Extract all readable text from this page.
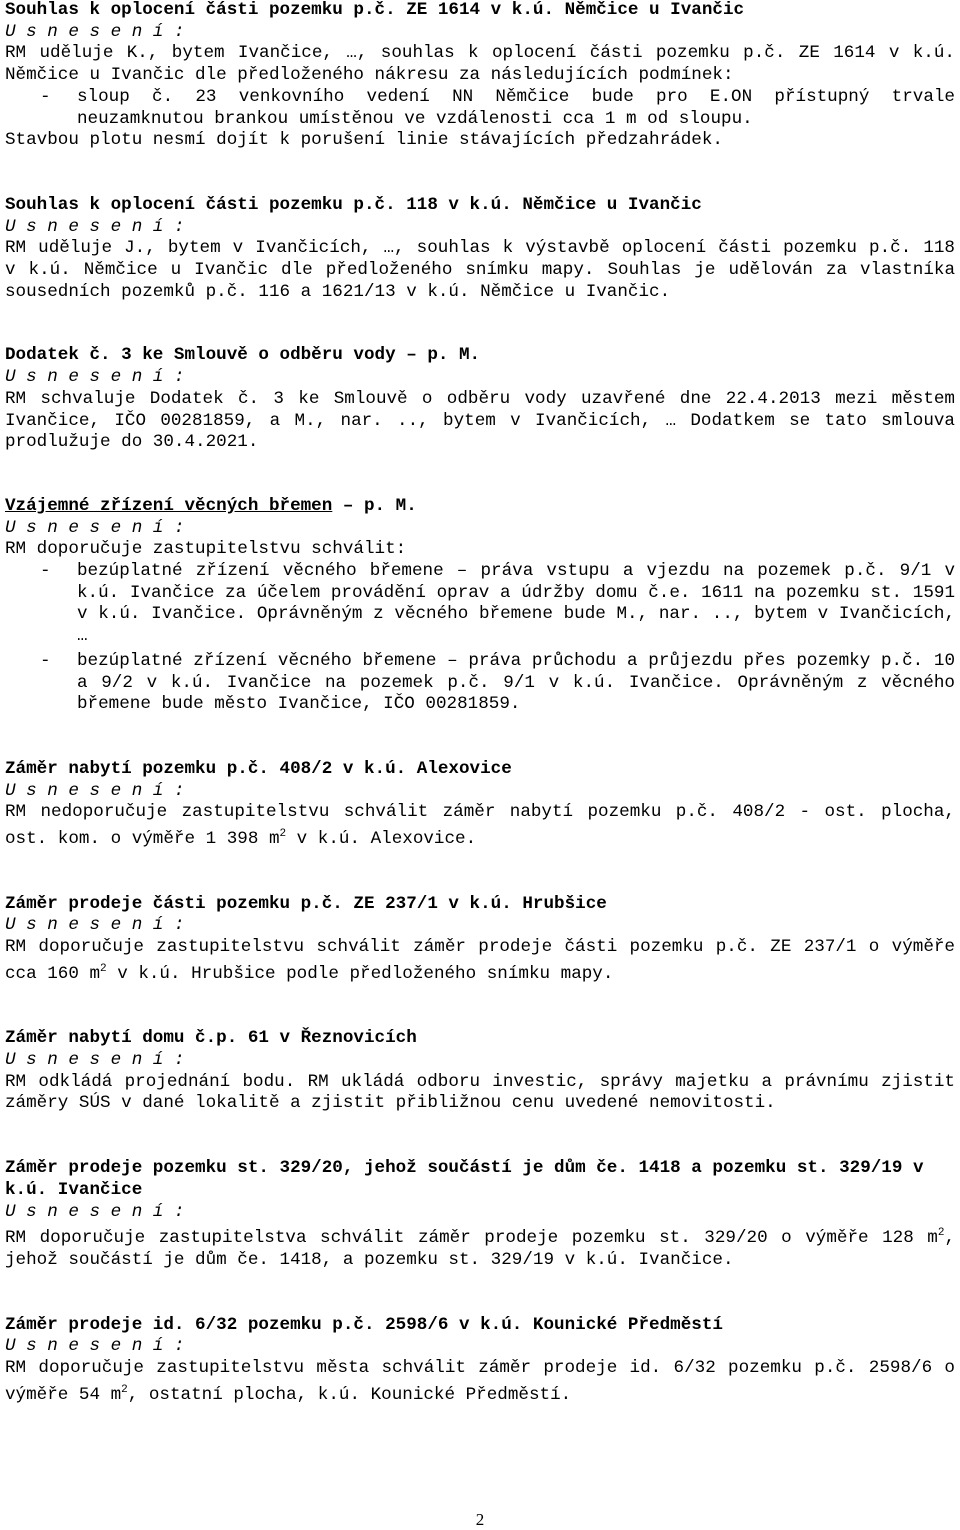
Souhlas k oplocení části pozemku p.č. ZE 1614 v k.ú. Němčice u Ivančic

U s n e s e n í :

RM uděluje K., bytem Ivančice, …, souhlas k oplocení části pozemku p.č. ZE 1614 v k.ú. Němčice u Ivančic dle předloženého nákresu za následujících podmínek:

- sloup č. 23 venkovního vedení NN Němčice bude pro E.ON přístupný trvale neuzamknutou brankou umístěnou ve vzdálenosti cca 1 m od sloupu.

Stavbou plotu nesmí dojít k porušení linie stávajících předzahrádek.

Souhlas k oplocení části pozemku p.č. 118 v k.ú. Němčice u Ivančic

U s n e s e n í :

RM uděluje J., bytem v Ivančicích, …, souhlas k výstavbě oplocení části pozemku p.č. 118 v k.ú. Němčice u Ivančic dle předloženého snímku mapy. Souhlas je udělován za vlastníka sousedních pozemků p.č. 116 a 1621/13 v k.ú. Němčice u Ivančic.

Dodatek č. 3 ke Smlouvě o odběru vody – p. M.

U s n e s e n í :

RM schvaluje Dodatek č. 3 ke Smlouvě o odběru vody uzavřené dne 22.4.2013 mezi městem Ivančice, IČO 00281859, a M., nar. .., bytem v Ivančicích, … Dodatkem se tato smlouva prodlužuje do 30.4.2021.

Vzájemné zřízení věcných břemen – p. M.

U s n e s e n í :

RM doporučuje zastupitelstvu schválit:

- bezúplatné zřízení věcného břemene – práva vstupu a vjezdu na pozemek p.č. 9/1 v k.ú. Ivančice za účelem provádění oprav a údržby domu č.e. 1611 na pozemku st. 1591 v k.ú. Ivančice. Oprávněným z věcného břemene bude M., nar. .., bytem v Ivančicích, …
- bezúplatné zřízení věcného břemene – práva průchodu a průjezdu přes pozemky p.č. 10 a 9/2 v k.ú. Ivančice na pozemek p.č. 9/1 v k.ú. Ivančice. Oprávněným z věcného břemene bude město Ivančice, IČO 00281859.

Záměr nabytí pozemku p.č. 408/2 v k.ú. Alexovice

U s n e s e n í :

RM nedoporučuje zastupitelstvu schválit záměr nabytí pozemku p.č. 408/2 - ost. plocha, ost. kom. o výměře 1 398 $m^2$ v k.ú. Alexovice.

Záměr prodeje části pozemku p.č. ZE 237/1 v k.ú. Hrubšice

U s n e s e n í :

RM doporučuje zastupitelstvu schválit záměr prodeje části pozemku p.č. ZE 237/1 o výměře cca 160 $m^2$ v k.ú. Hrubšice podle předloženého snímku mapy.

Záměr nabytí domu č.p. 61 v Řeznovicích

U s n e s e n í :

RM odkládá projednání bodu. RM ukládá odboru investic, správy majetku a právnímu zjistit záměry SÚS v dané lokalitě a zjistit přibližnou cenu uvedené nemovitosti.

Záměr prodeje pozemku st. 329/20, jehož součástí je dům če. 1418 a pozemku st. 329/19 v k.ú. Ivančice

U s n e s e n í :

RM doporučuje zastupitelstva schválit záměr prodeje pozemku st. 329/20 o výměře 128 $m^2$, jehož součástí je dům če. 1418, a pozemku st. 329/19 v k.ú. Ivančice.

Záměr prodeje id. 6/32 pozemku p.č. 2598/6 v k.ú. Kounické Předměstí

U s n e s e n í :

RM doporučuje zastupitelstvu města schválit záměr prodeje id. 6/32 pozemku p.č. 2598/6 o výměře 54 $m^2$, ostatní plocha, k.ú. Kounické Předměstí.

2
